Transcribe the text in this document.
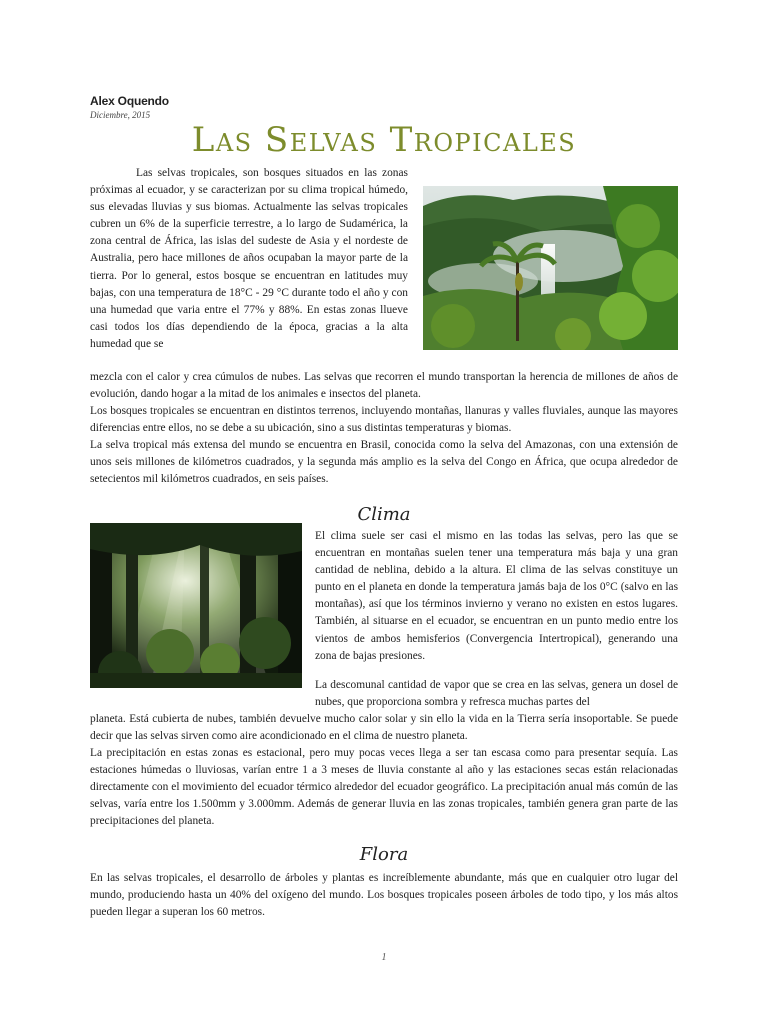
Alex Oquendo
Diciembre, 2015
Las Selvas Tropicales

Las selvas tropicales, son bosques situados en las zonas próximas al ecuador, y se caracterizan por su clima tropical húmedo, sus elevadas lluvias y sus biomas. Actualmente las selvas tropicales cubren un 6% de la superficie terrestre, a lo largo de Sudamérica, la zona central de África, las islas del sudeste de Asia y el nordeste de Australia, pero hace millones de años ocupaban la mayor parte de la tierra. Por lo general, estos bosque se encuentran en latitudes muy bajas, con una temperatura de 18°C - 29 °C durante todo el año y con una humedad que varia entre el 77% y 88%. En estas zonas llueve casi todos los días dependiendo de la época, gracias a la alta humedad que se

mezcla con el calor y crea cúmulos de nubes. Las selvas que recorren el mundo transportan la herencia de millones de años de evolución, dando hogar a la mitad de los animales e insectos del planeta.

Los bosques tropicales se encuentran en distintos terrenos, incluyendo montañas, llanuras y valles fluviales, aunque las mayores diferencias entre ellos, no se debe a su ubicación, sino a sus distintas temperaturas y biomas.

La selva tropical más extensa del mundo se encuentra en Brasil, conocida como la selva del Amazonas, con una extensión de unos seis millones de kilómetros cuadrados, y la segunda más amplio es la selva del Congo en África, que ocupa alrededor de setecientos mil kilómetros cuadrados, en seis países.

Clima

El clima suele ser casi el mismo en las todas las selvas, pero las que se encuentran en montañas suelen tener una temperatura más baja y una gran cantidad de neblina, debido a la altura. El clima de las selvas constituye un punto en el planeta en donde la temperatura jamás baja de los 0°C (salvo en las montañas), así que los términos invierno y verano no existen en estos lugares. También, al situarse en el ecuador, se encuentran en un punto medio entre los vientos de ambos hemisferios (Convergencia Intertropical), generando una zona de bajas presiones.

La descomunal cantidad de vapor que se crea en las selvas, genera un dosel de nubes, que proporciona sombra y refresca muchas partes del

planeta. Está cubierta de nubes, también devuelve mucho calor solar y sin ello la vida en la Tierra sería insoportable. Se puede decir que las selvas sirven como aire acondicionado en el clima de nuestro planeta.

La precipitación en estas zonas es estacional, pero muy pocas veces llega a ser tan escasa como para presentar sequía. Las estaciones húmedas o lluviosas, varían entre 1 a 3 meses de lluvia constante al año y las estaciones secas están relacionadas directamente con el movimiento del ecuador térmico alrededor del ecuador geográfico. La precipitación anual más común de las selvas, varía entre los 1.500mm y 3.000mm. Además de generar lluvia en las zonas tropicales, también genera gran parte de las precipitaciones del planeta.

Flora

En las selvas tropicales, el desarrollo de árboles y plantas es increíblemente abundante, más que en cualquier otro lugar del mundo, produciendo hasta un 40% del oxígeno del mundo. Los bosques tropicales poseen árboles de todo tipo, y los más altos pueden llegar a superan los 60 metros.

1
